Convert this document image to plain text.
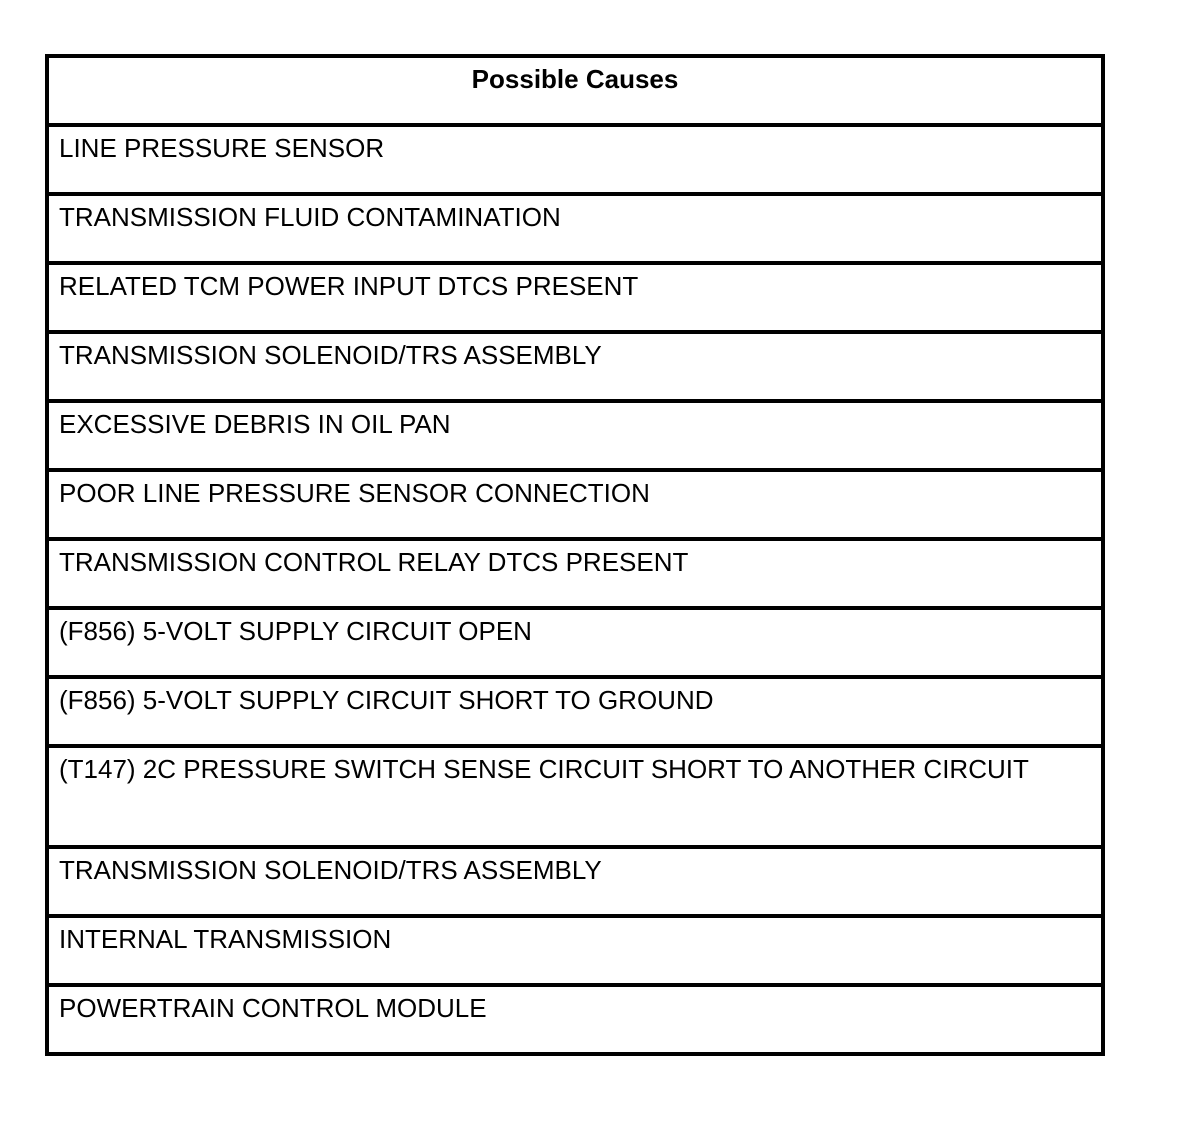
Possible Causes
LINE PRESSURE SENSOR
TRANSMISSION FLUID CONTAMINATION
RELATED TCM POWER INPUT DTCS PRESENT
TRANSMISSION SOLENOID/TRS ASSEMBLY
EXCESSIVE DEBRIS IN OIL PAN
POOR LINE PRESSURE SENSOR CONNECTION
TRANSMISSION CONTROL RELAY DTCS PRESENT
(F856) 5-VOLT SUPPLY CIRCUIT OPEN
(F856) 5-VOLT SUPPLY CIRCUIT SHORT TO GROUND
(T147) 2C PRESSURE SWITCH SENSE CIRCUIT SHORT TO ANOTHER CIRCUIT
TRANSMISSION SOLENOID/TRS ASSEMBLY
INTERNAL TRANSMISSION
POWERTRAIN CONTROL MODULE
